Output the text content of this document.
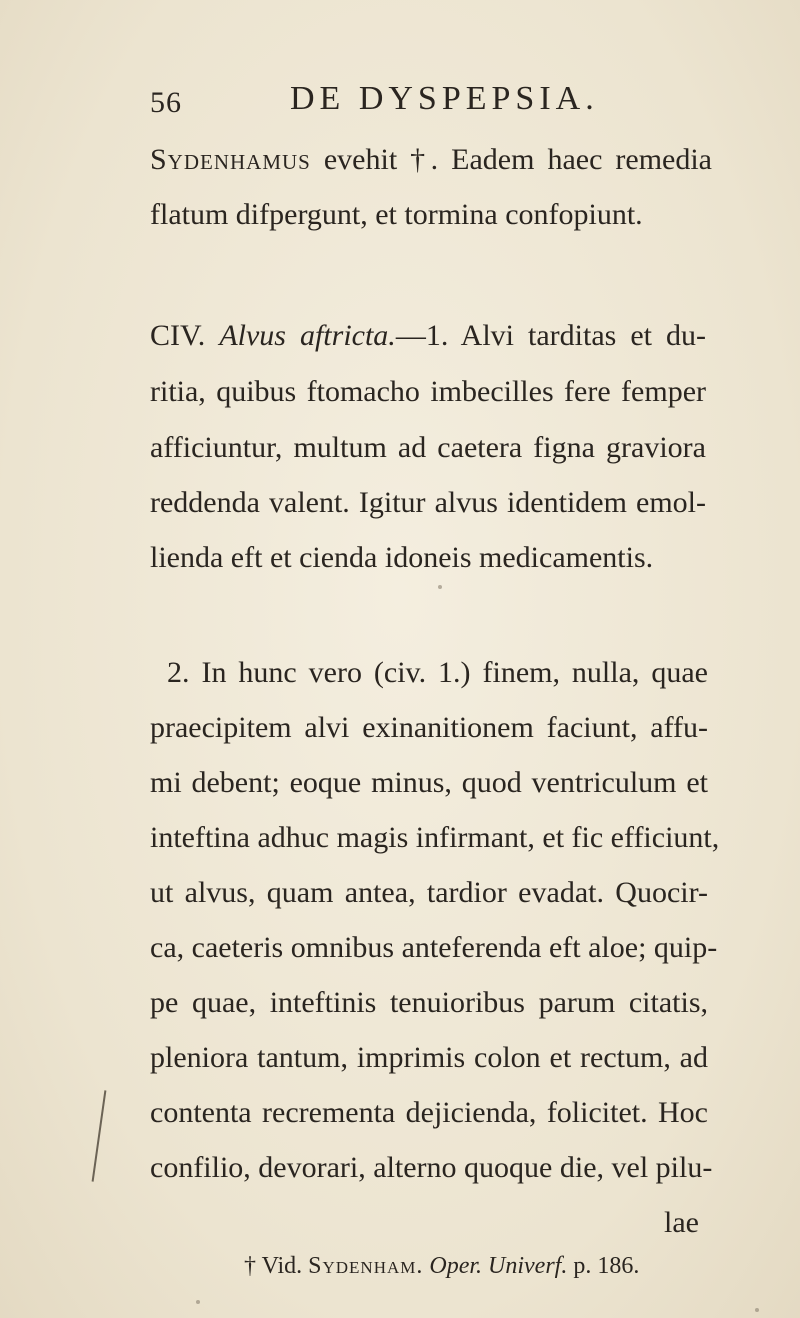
56	DE DYSPEPSIA.
Sydenhamus evehit †. Eadem haec remedia
flatum difpergunt, et tormina confopiunt.
CIV. Alvus aftricta.—1. Alvi tarditas et du-
ritia, quibus ftomacho imbecilles fere femper
afficiuntur, multum ad caetera figna graviora
reddenda valent. Igitur alvus identidem emol-
lienda eft et cienda idoneis medicamentis.
2. In hunc vero (civ. 1.) finem, nulla, quae
praecipitem alvi exinanitionem faciunt, affu-
mi debent; eoque minus, quod ventriculum et
inteftina adhuc magis infirmant, et fic efficiunt,
ut alvus, quam antea, tardior evadat. Quocir-
ca, caeteris omnibus anteferenda eft aloe; quip-
pe quae, inteftinis tenuioribus parum citatis,
pleniora tantum, imprimis colon et rectum, ad
contenta recrementa dejicienda, folicitet. Hoc
confilio, devorari, alterno quoque die, vel pilu-
lae
† Vid. Sydenham. Oper. Univerf. p. 186.
